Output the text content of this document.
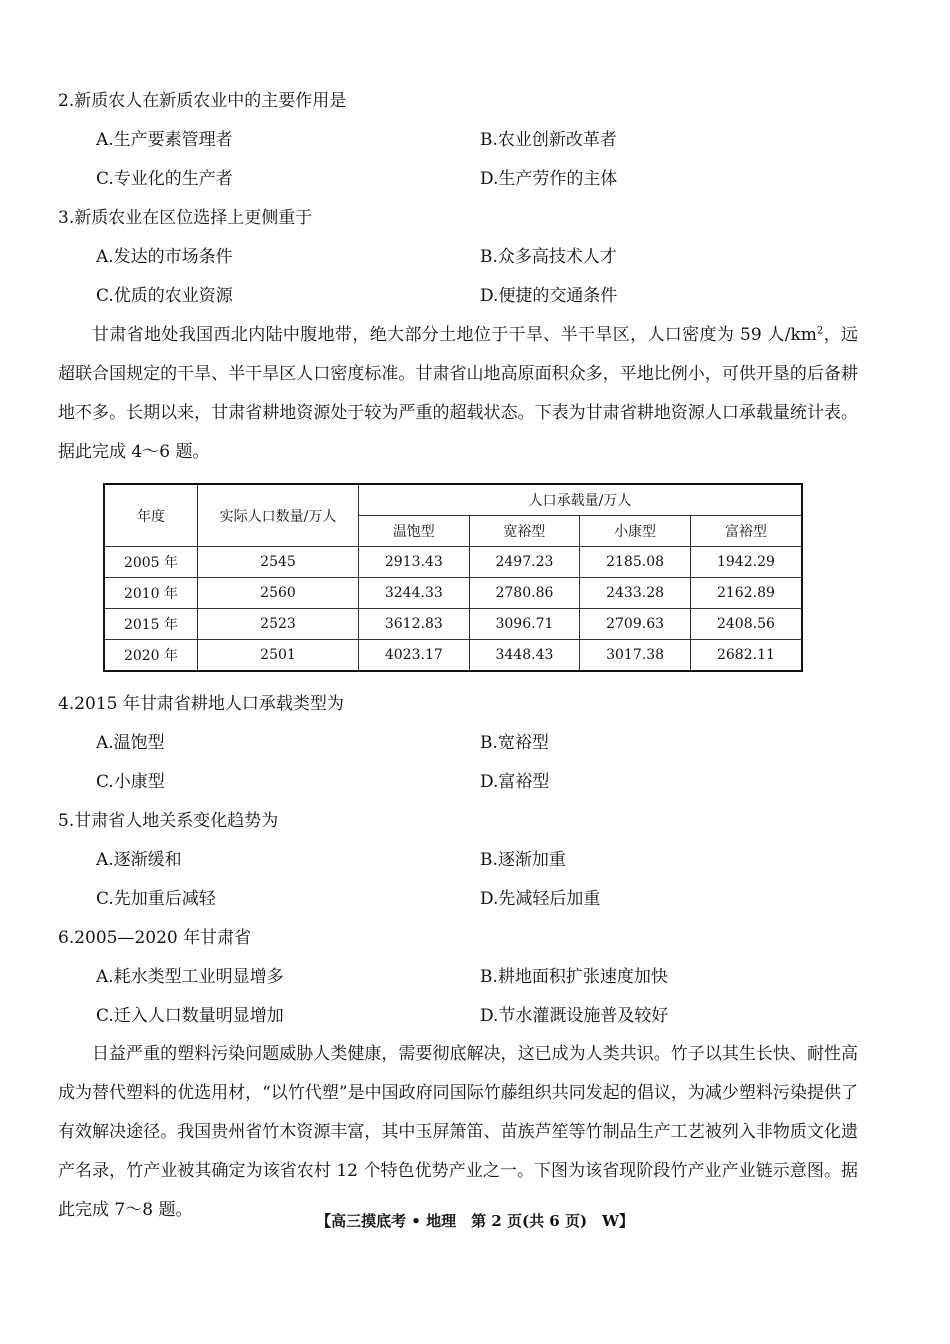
2.新质农人在新质农业中的主要作用是
A.生产要素管理者	B.农业创新改革者
C.专业化的生产者	D.生产劳作的主体
3.新质农业在区位选择上更侧重于
A.发达的市场条件	B.众多高技术人才
C.优质的农业资源	D.便捷的交通条件
甘肃省地处我国西北内陆中腹地带，绝大部分土地位于干旱、半干旱区，人口密度为 59 人$/km^2$，远超联合国规定的干旱、半干旱区人口密度标准。甘肃省山地高原面积众多，平地比例小，可供开垦的后备耕地不多。长期以来，甘肃省耕地资源处于较为严重的超载状态。下表为甘肃省耕地资源人口承载量统计表。据此完成 4～6 题。
年度	实际人口数量/万人	人口承载量/万人			
		温饱型	宽裕型	小康型	富裕型
2005 年	2545	2913.43	2497.23	2185.08	1942.29
2010 年	2560	3244.33	2780.86	2433.28	2162.89
2015 年	2523	3612.83	3096.71	2709.63	2408.56
2020 年	2501	4023.17	3448.43	3017.38	2682.11
4.2015 年甘肃省耕地人口承载类型为
A.温饱型	B.宽裕型
C.小康型	D.富裕型
5.甘肃省人地关系变化趋势为
A.逐渐缓和	B.逐渐加重
C.先加重后减轻	D.先减轻后加重
6.2005—2020 年甘肃省
A.耗水类型工业明显增多	B.耕地面积扩张速度加快
C.迁入人口数量明显增加	D.节水灌溉设施普及较好
日益严重的塑料污染问题威胁人类健康，需要彻底解决，这已成为人类共识。竹子以其生长快、耐性高成为替代塑料的优选用材，“以竹代塑”是中国政府同国际竹藤组织共同发起的倡议，为减少塑料污染提供了有效解决途径。我国贵州省竹木资源丰富，其中玉屏箫笛、苗族芦笙等竹制品生产工艺被列入非物质文化遗产名录，竹产业被其确定为该省农村 12 个特色优势产业之一。下图为该省现阶段竹产业产业链示意图。据此完成 7～8 题。
【高三摸底考 • 地理　第 2 页(共 6 页)　W】
